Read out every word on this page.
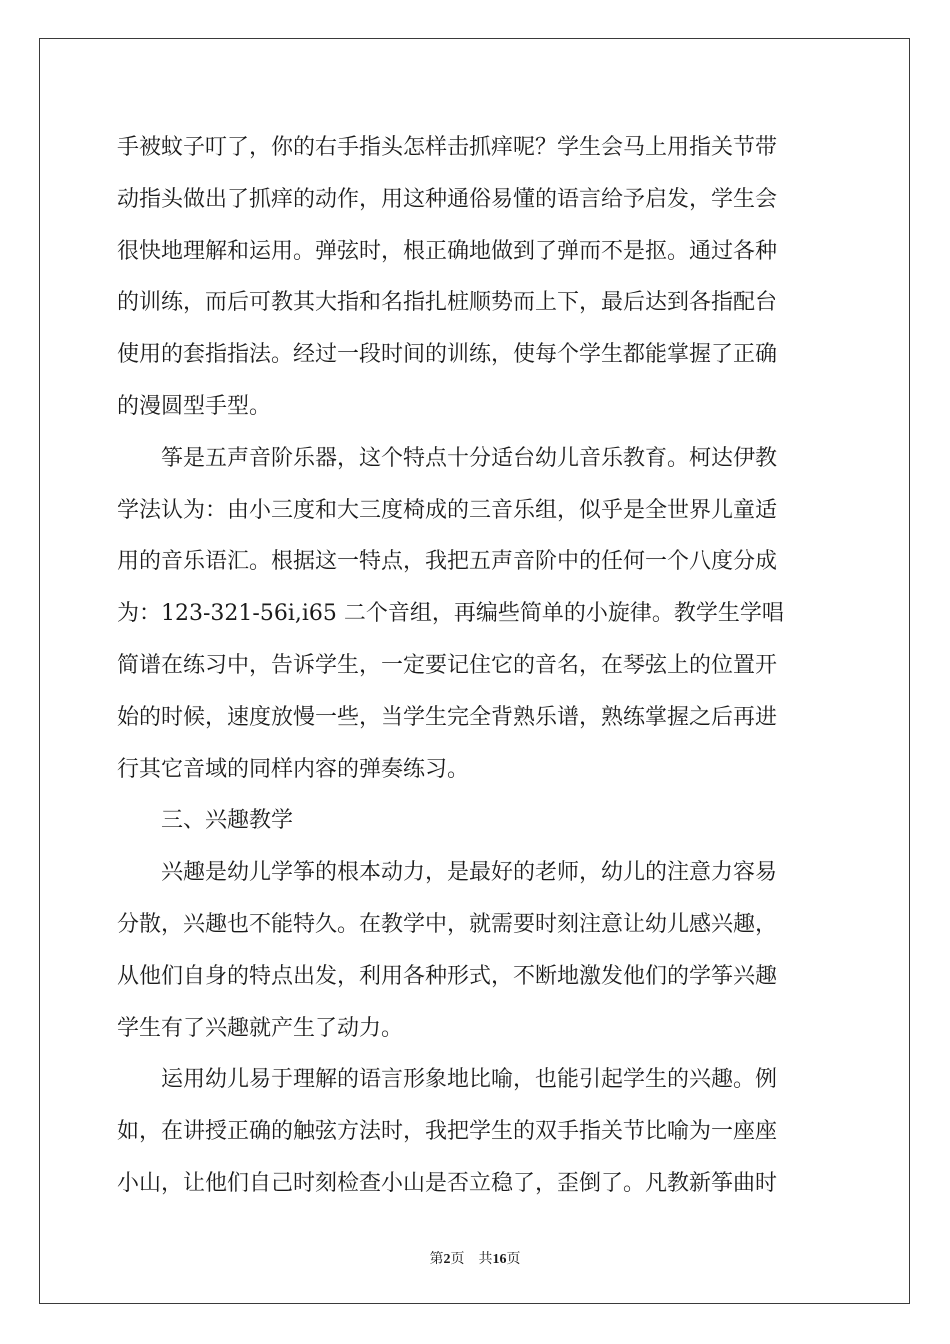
手被蚊子叮了，你的右手指头怎样击抓痒呢？学生会马上用指关节带
动指头做出了抓痒的动作，用这种通俗易懂的语言给予启发，学生会
很快地理解和运用。弹弦时，根正确地做到了弹而不是抠。通过各种
的训练，而后可教其大指和名指扎桩顺势而上下，最后达到各指配台
使用的套指指法。经过一段时间的训练，使每个学生都能掌握了正确
的漫圆型手型。
　　筝是五声音阶乐器，这个特点十分适台幼儿音乐教育。柯达伊教
学法认为：由小三度和大三度椅成的三音乐组，似乎是全世界儿童适
用的音乐语汇。根据这一特点，我把五声音阶中的任何一个八度分成
为：123-321-56i,i65 二个音组，再编些简单的小旋律。教学生学唱
简谱在练习中，告诉学生，一定要记住它的音名，在琴弦上的位置开
始的时候，速度放慢一些，当学生完全背熟乐谱，熟练掌握之后再进
行其它音域的同样内容的弹奏练习。
　　三、兴趣教学
　　兴趣是幼儿学筝的根本动力，是最好的老师，幼儿的注意力容易
分散，兴趣也不能特久。在教学中，就需要时刻注意让幼儿感兴趣，
从他们自身的特点出发，利用各种形式，不断地激发他们的学筝兴趣
学生有了兴趣就产生了动力。
　　运用幼儿易于理解的语言形象地比喻，也能引起学生的兴趣。例
如，在讲授正确的触弦方法时，我把学生的双手指关节比喻为一座座
小山，让他们自己时刻检查小山是否立稳了，歪倒了。凡教新筝曲时
第2页 共16页
